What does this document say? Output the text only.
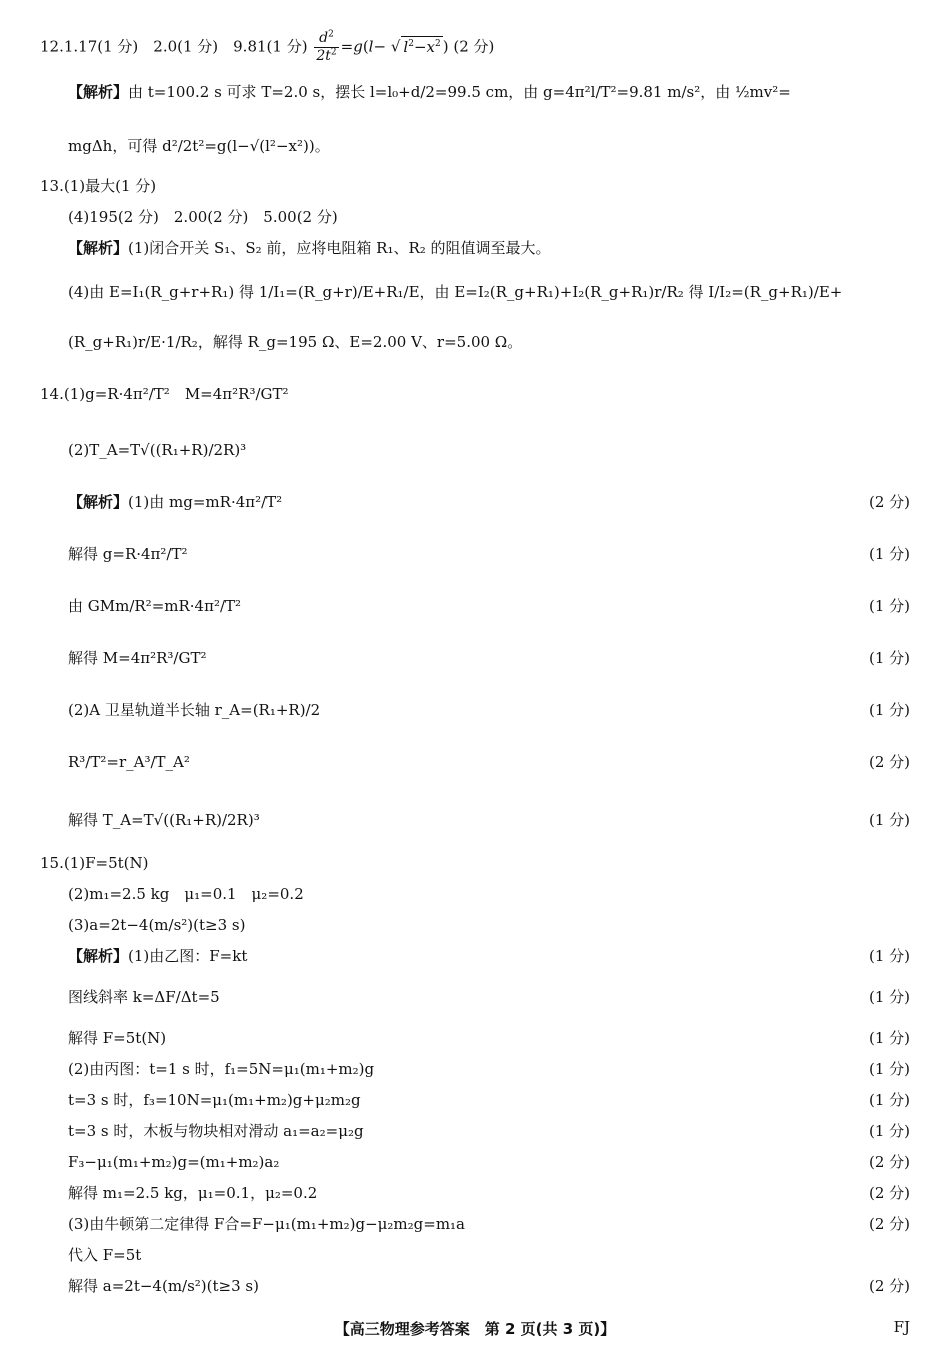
12.1.17(1 分)　2.0(1 分)　9.81(1 分) $\frac{d^2}{2t^2} =g(l-$ √ $l^2-x^2$ ) (2 分)
【解析】由 t=100.2 s 可求 T=2.0 s，摆长 l=l₀+d/2=99.5 cm，由 g=4π²l/T²=9.81 m/s²，由 ½mv²=
mgΔh，可得 d²/2t²=g(l−√(l²−x²))。
13.(1)最大(1 分)
(4)195(2 分)　2.00(2 分)　5.00(2 分)
【解析】(1)闭合开关 S₁、S₂ 前，应将电阻箱 R₁、R₂ 的阻值调至最大。
(4)由 E=I₁(R_g+r+R₁) 得 1/I₁=(R_g+r)/E+R₁/E，由 E=I₂(R_g+R₁)+I₂(R_g+R₁)r/R₂ 得 I/I₂=(R_g+R₁)/E+
(R_g+R₁)r/E·1/R₂，解得 R_g=195 Ω、E=2.00 V、r=5.00 Ω。
14.(1)g=R·4π²/T²　M=4π²R³/GT²
(2)T_A=T√((R₁+R)/2R)³
【解析】(1)由 mg=mR·4π²/T²	(2 分)
解得 g=R·4π²/T²	(1 分)
由 GMm/R²=mR·4π²/T²	(1 分)
解得 M=4π²R³/GT²	(1 分)
(2)A 卫星轨道半长轴 r_A=(R₁+R)/2	(1 分)
R³/T²=r_A³/T_A²	(2 分)
解得 T_A=T√((R₁+R)/2R)³	(1 分)
15.(1)F=5t(N)
(2)m₁=2.5 kg　μ₁=0.1　μ₂=0.2
(3)a=2t−4(m/s²)(t≥3 s)
【解析】(1)由乙图：F=kt	(1 分)
图线斜率 k=ΔF/Δt=5	(1 分)
解得 F=5t(N)	(1 分)
(2)由丙图：t=1 s 时，f₁=5N=μ₁(m₁+m₂)g	(1 分)
t=3 s 时，f₃=10N=μ₁(m₁+m₂)g+μ₂m₂g	(1 分)
t=3 s 时，木板与物块相对滑动 a₁=a₂=μ₂g	(1 分)
F₃−μ₁(m₁+m₂)g=(m₁+m₂)a₂	(2 分)
解得 m₁=2.5 kg，μ₁=0.1，μ₂=0.2	(2 分)
(3)由牛顿第二定律得 F合=F−μ₁(m₁+m₂)g−μ₂m₂g=m₁a	(2 分)
代入 F=5t
解得 a=2t−4(m/s²)(t≥3 s)	(2 分)
【高三物理参考答案　第 2 页(共 3 页)】	FJ
